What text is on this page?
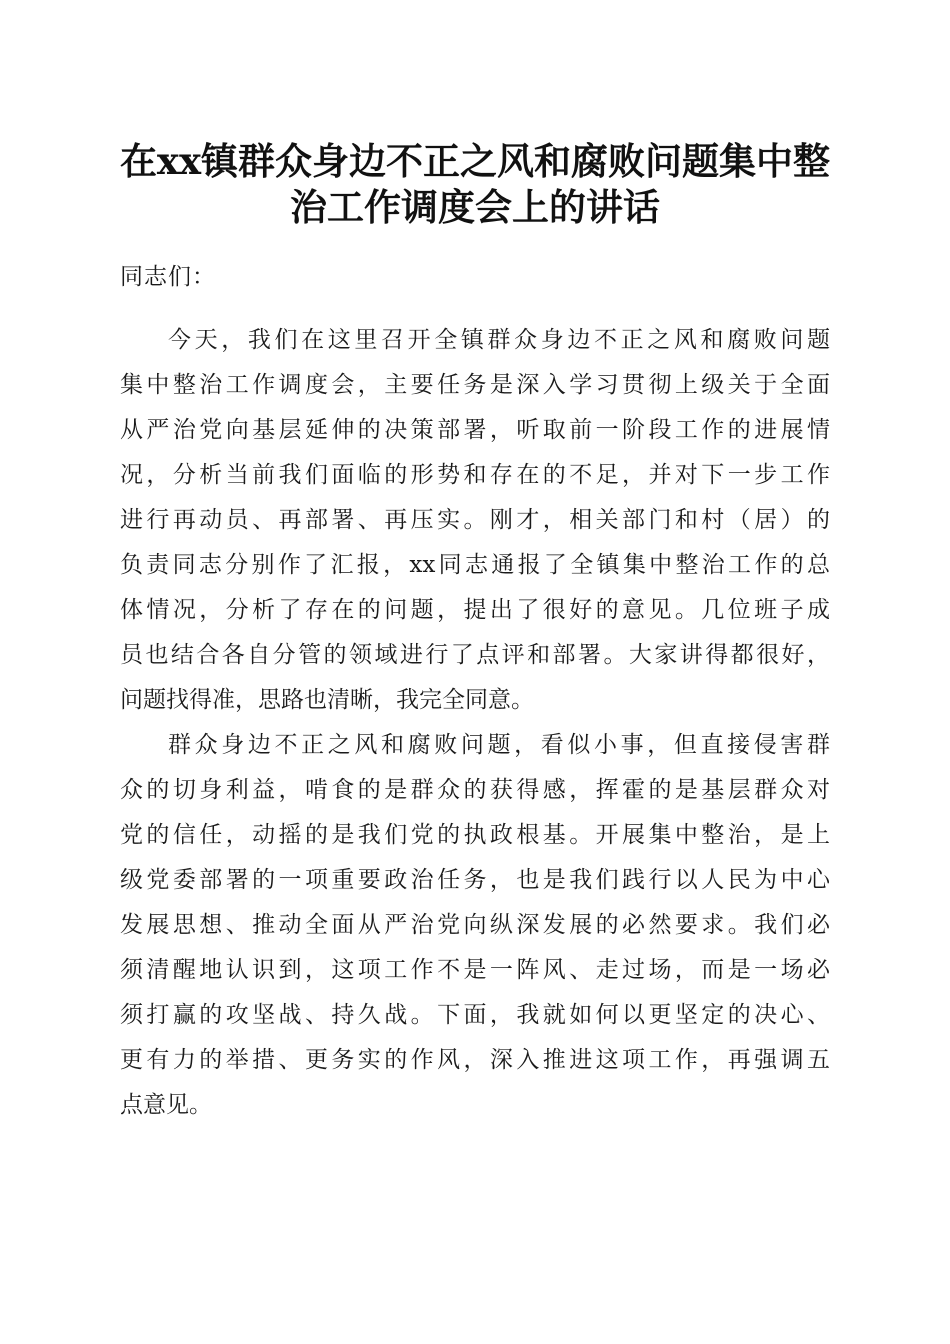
在xx镇群众身边不正之风和腐败问题集中整
治工作调度会上的讲话
同志们：
今天，我们在这里召开全镇群众身边不正之风和腐败问题
集中整治工作调度会，主要任务是深入学习贯彻上级关于全面
从严治党向基层延伸的决策部署，听取前一阶段工作的进展情
况，分析当前我们面临的形势和存在的不足，并对下一步工作
进行再动员、再部署、再压实。刚才，相关部门和村（居）的
负责同志分别作了汇报，xx同志通报了全镇集中整治工作的总
体情况，分析了存在的问题，提出了很好的意见。几位班子成
员也结合各自分管的领域进行了点评和部署。大家讲得都很好，
问题找得准，思路也清晰，我完全同意。
群众身边不正之风和腐败问题，看似小事，但直接侵害群
众的切身利益，啃食的是群众的获得感，挥霍的是基层群众对
党的信任，动摇的是我们党的执政根基。开展集中整治，是上
级党委部署的一项重要政治任务，也是我们践行以人民为中心
发展思想、推动全面从严治党向纵深发展的必然要求。我们必
须清醒地认识到，这项工作不是一阵风、走过场，而是一场必
须打赢的攻坚战、持久战。下面，我就如何以更坚定的决心、
更有力的举措、更务实的作风，深入推进这项工作，再强调五
点意见。
